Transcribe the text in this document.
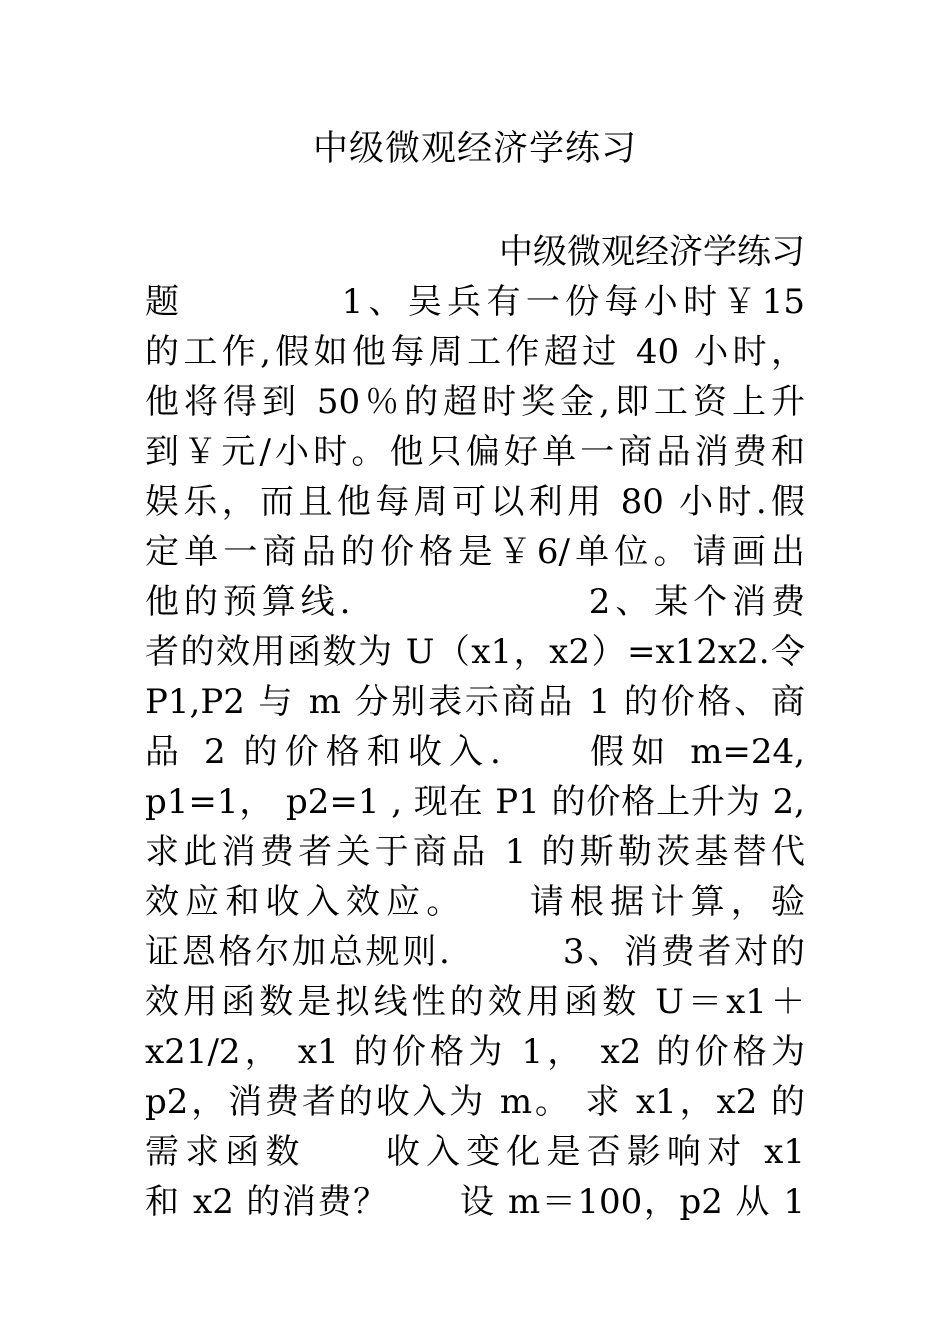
中级微观经济学练习
中级微观经济学练习
题　　　　1、吴兵有一份每小时￥15
的工作,假如他每周工作超过 40 小时，
他将得到 50％的超时奖金,即工资上升
到￥元/小时。他只偏好单一商品消费和
娱乐，而且他每周可以利用 80 小时.假
定单一商品的价格是￥6/单位。请画出
他的预算线.　　　　　　2、某个消费
者的效用函数为 U（x1，x2）=x12x2.令
P1,P2 与 m 分别表示商品 1 的价格、商
品 2 的价格和收入.　　假如 m=24,
p1=1， p2=1 , 现在 P1 的价格上升为 2,
求此消费者关于商品 1 的斯勒茨基替代
效应和收入效应。　　请根据计算，验
证恩格尔加总规则.　　　3、消费者对的
效用函数是拟线性的效用函数 U＝x1＋
x21/2， x1 的价格为 1， x2 的价格为
p2，消费者的收入为 m。 求 x1，x2 的
需求函数　　收入变化是否影响对 x1
和 x2 的消费？　　设 m＝100，p2 从 1
